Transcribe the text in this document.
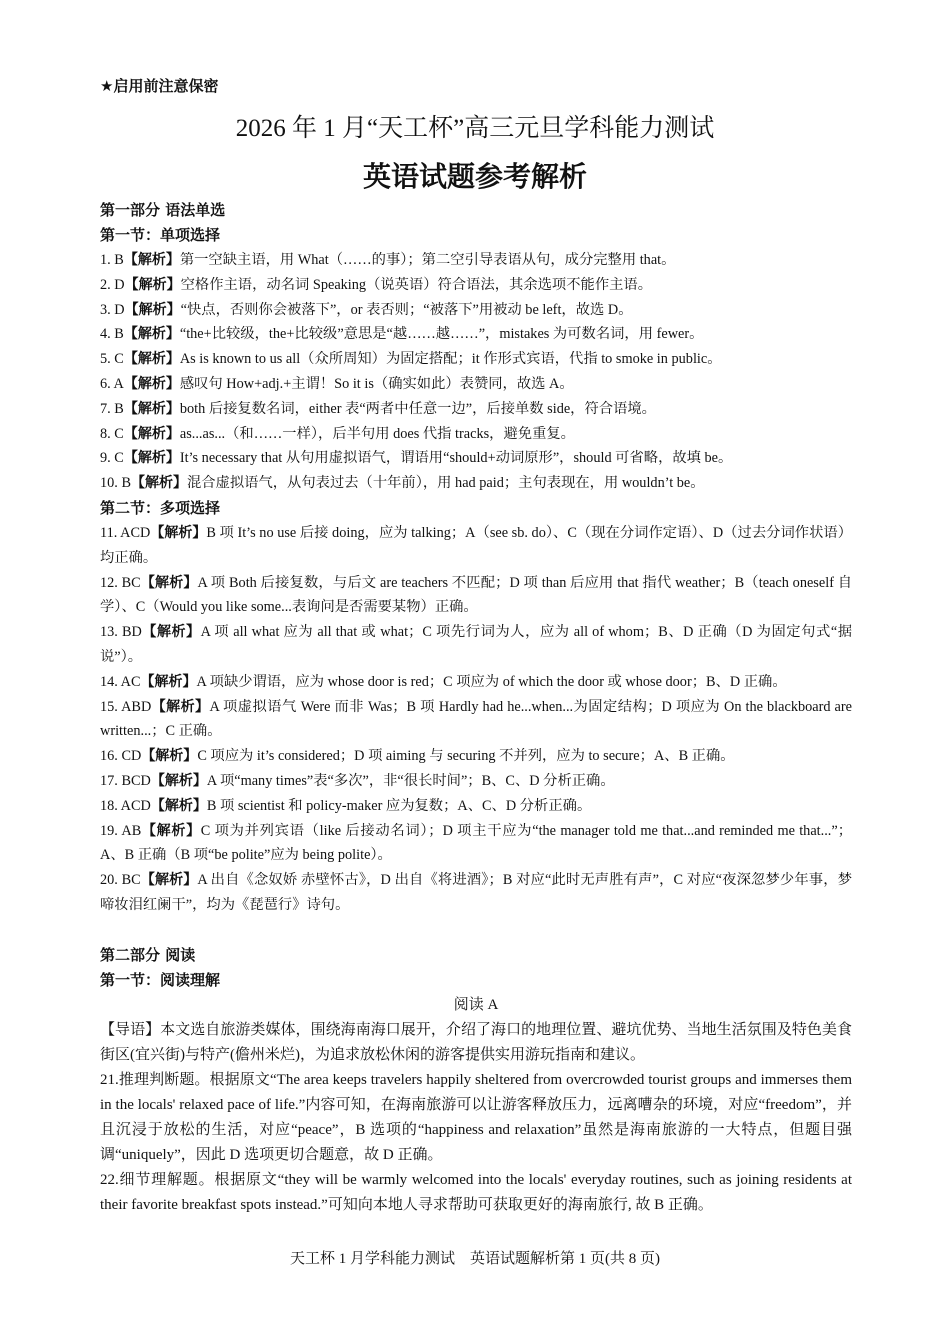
★启用前注意保密
2026 年 1 月“天工杯”高三元旦学科能力测试
英语试题参考解析
第一部分 语法单选
第一节：单项选择
1. B【解析】第一空缺主语，用 What（……的事）；第二空引导表语从句，成分完整用 that。
2. D【解析】空格作主语，动名词 Speaking（说英语）符合语法，其余选项不能作主语。
3. D【解析】“快点，否则你会被落下”，or 表否则；“被落下”用被动 be left，故选 D。
4. B【解析】“the+比较级，the+比较级”意思是“越……越……”，mistakes 为可数名词，用 fewer。
5. C【解析】As is known to us all（众所周知）为固定搭配；it 作形式宾语，代指 to smoke in public。
6. A【解析】感叹句 How+adj.+主谓！So it is（确实如此）表赞同，故选 A。
7. B【解析】both 后接复数名词，either 表“两者中任意一边”，后接单数 side，符合语境。
8. C【解析】as...as...（和……一样），后半句用 does 代指 tracks，避免重复。
9. C【解析】It’s necessary that 从句用虚拟语气，谓语用“should+动词原形”，should 可省略，故填 be。
10. B【解析】混合虚拟语气，从句表过去（十年前），用 had paid；主句表现在，用 wouldn’t be。
第二节：多项选择
11. ACD【解析】B 项 It’s no use 后接 doing，应为 talking；A（see sb. do）、C（现在分词作定语）、D（过去分词作状语）均正确。
12. BC【解析】A 项 Both 后接复数，与后文 are teachers 不匹配；D 项 than 后应用 that 指代 weather；B（teach oneself 自学）、C（Would you like some...表询问是否需要某物）正确。
13. BD【解析】A 项 all what 应为 all that 或 what；C 项先行词为人，应为 all of whom；B、D 正确（D 为固定句式“据说”）。
14. AC【解析】A 项缺少谓语，应为 whose door is red；C 项应为 of which the door 或 whose door；B、D 正确。
15. ABD【解析】A 项虚拟语气 Were 而非 Was；B 项 Hardly had he...when...为固定结构；D 项应为 On the blackboard are written...；C 正确。
16. CD【解析】C 项应为 it’s considered；D 项 aiming 与 securing 不并列，应为 to secure；A、B 正确。
17. BCD【解析】A 项“many times”表“多次”，非“很长时间”；B、C、D 分析正确。
18. ACD【解析】B 项 scientist 和 policy-maker 应为复数；A、C、D 分析正确。
19. AB【解析】C 项为并列宾语（like 后接动名词）；D 项主干应为“the manager told me that...and reminded me that...”；A、B 正确（B 项“be polite”应为 being polite）。
20. BC【解析】A 出自《念奴娇 赤壁怀古》，D 出自《将进酒》；B 对应“此时无声胜有声”，C 对应“夜深忽梦少年事，梦啼妆泪红阑干”，均为《琵琶行》诗句。
第二部分 阅读
第一节：阅读理解
阅读 A
【导语】本文选自旅游类媒体，围绕海南海口展开，介绍了海口的地理位置、避坑优势、当地生活氛围及特色美食街区(宜兴街)与特产(儋州米烂)，为追求放松休闲的游客提供实用游玩指南和建议。
21.推理判断题。根据原文“The area keeps travelers happily sheltered from overcrowded tourist groups and immerses them in the locals' relaxed pace of life.”内容可知，在海南旅游可以让游客释放压力，远离嘈杂的环境，对应“freedom”，并且沉浸于放松的生活，对应“peace”，B 选项的“happiness and relaxation”虽然是海南旅游的一大特点，但题目强调“uniquely”，因此 D 选项更切合题意，故 D 正确。
22.细节理解题。根据原文“they will be warmly welcomed into the locals' everyday routines, such as joining residents at their favorite breakfast spots instead.”可知向本地人寻求帮助可获取更好的海南旅行, 故 B 正确。
天工杯 1 月学科能力测试　英语试题解析第 1 页(共 8 页)
